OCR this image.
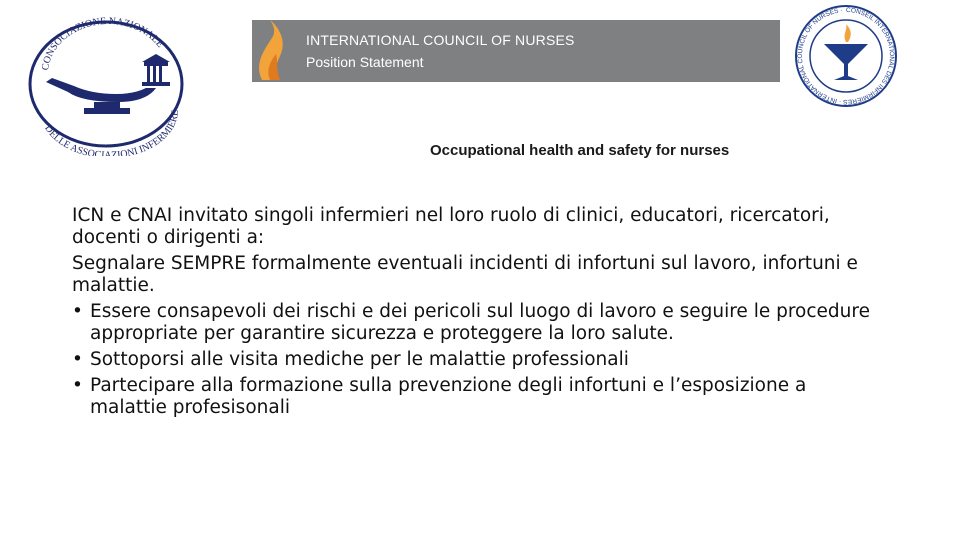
CONSOCIAZIONE NAZIONALE
DELLE ASSOCIAZIONI INFERMIERE
INTERNATIONAL COUNCIL OF NURSES
Position Statement
CONSEIL INTERNATIONAL DES INFIRMIÈRES · INTERNATIONAL COUNCIL OF NURSES ·
Occupational health and safety for nurses

ICN e CNAI invitato singoli infermieri nel loro ruolo di clinici, educatori, ricercatori, docenti o dirigenti a:

Segnalare SEMPRE formalmente eventuali incidenti di infortuni sul lavoro, infortuni e malattie.

• Essere consapevoli dei rischi e dei pericoli sul luogo di lavoro e seguire le procedure appropriate per garantire sicurezza e proteggere la loro salute.
• Sottoporsi alle visita mediche per le malattie professionali
• Partecipare alla formazione sulla prevenzione degli infortuni e l’esposizione a malattie profesisonali
